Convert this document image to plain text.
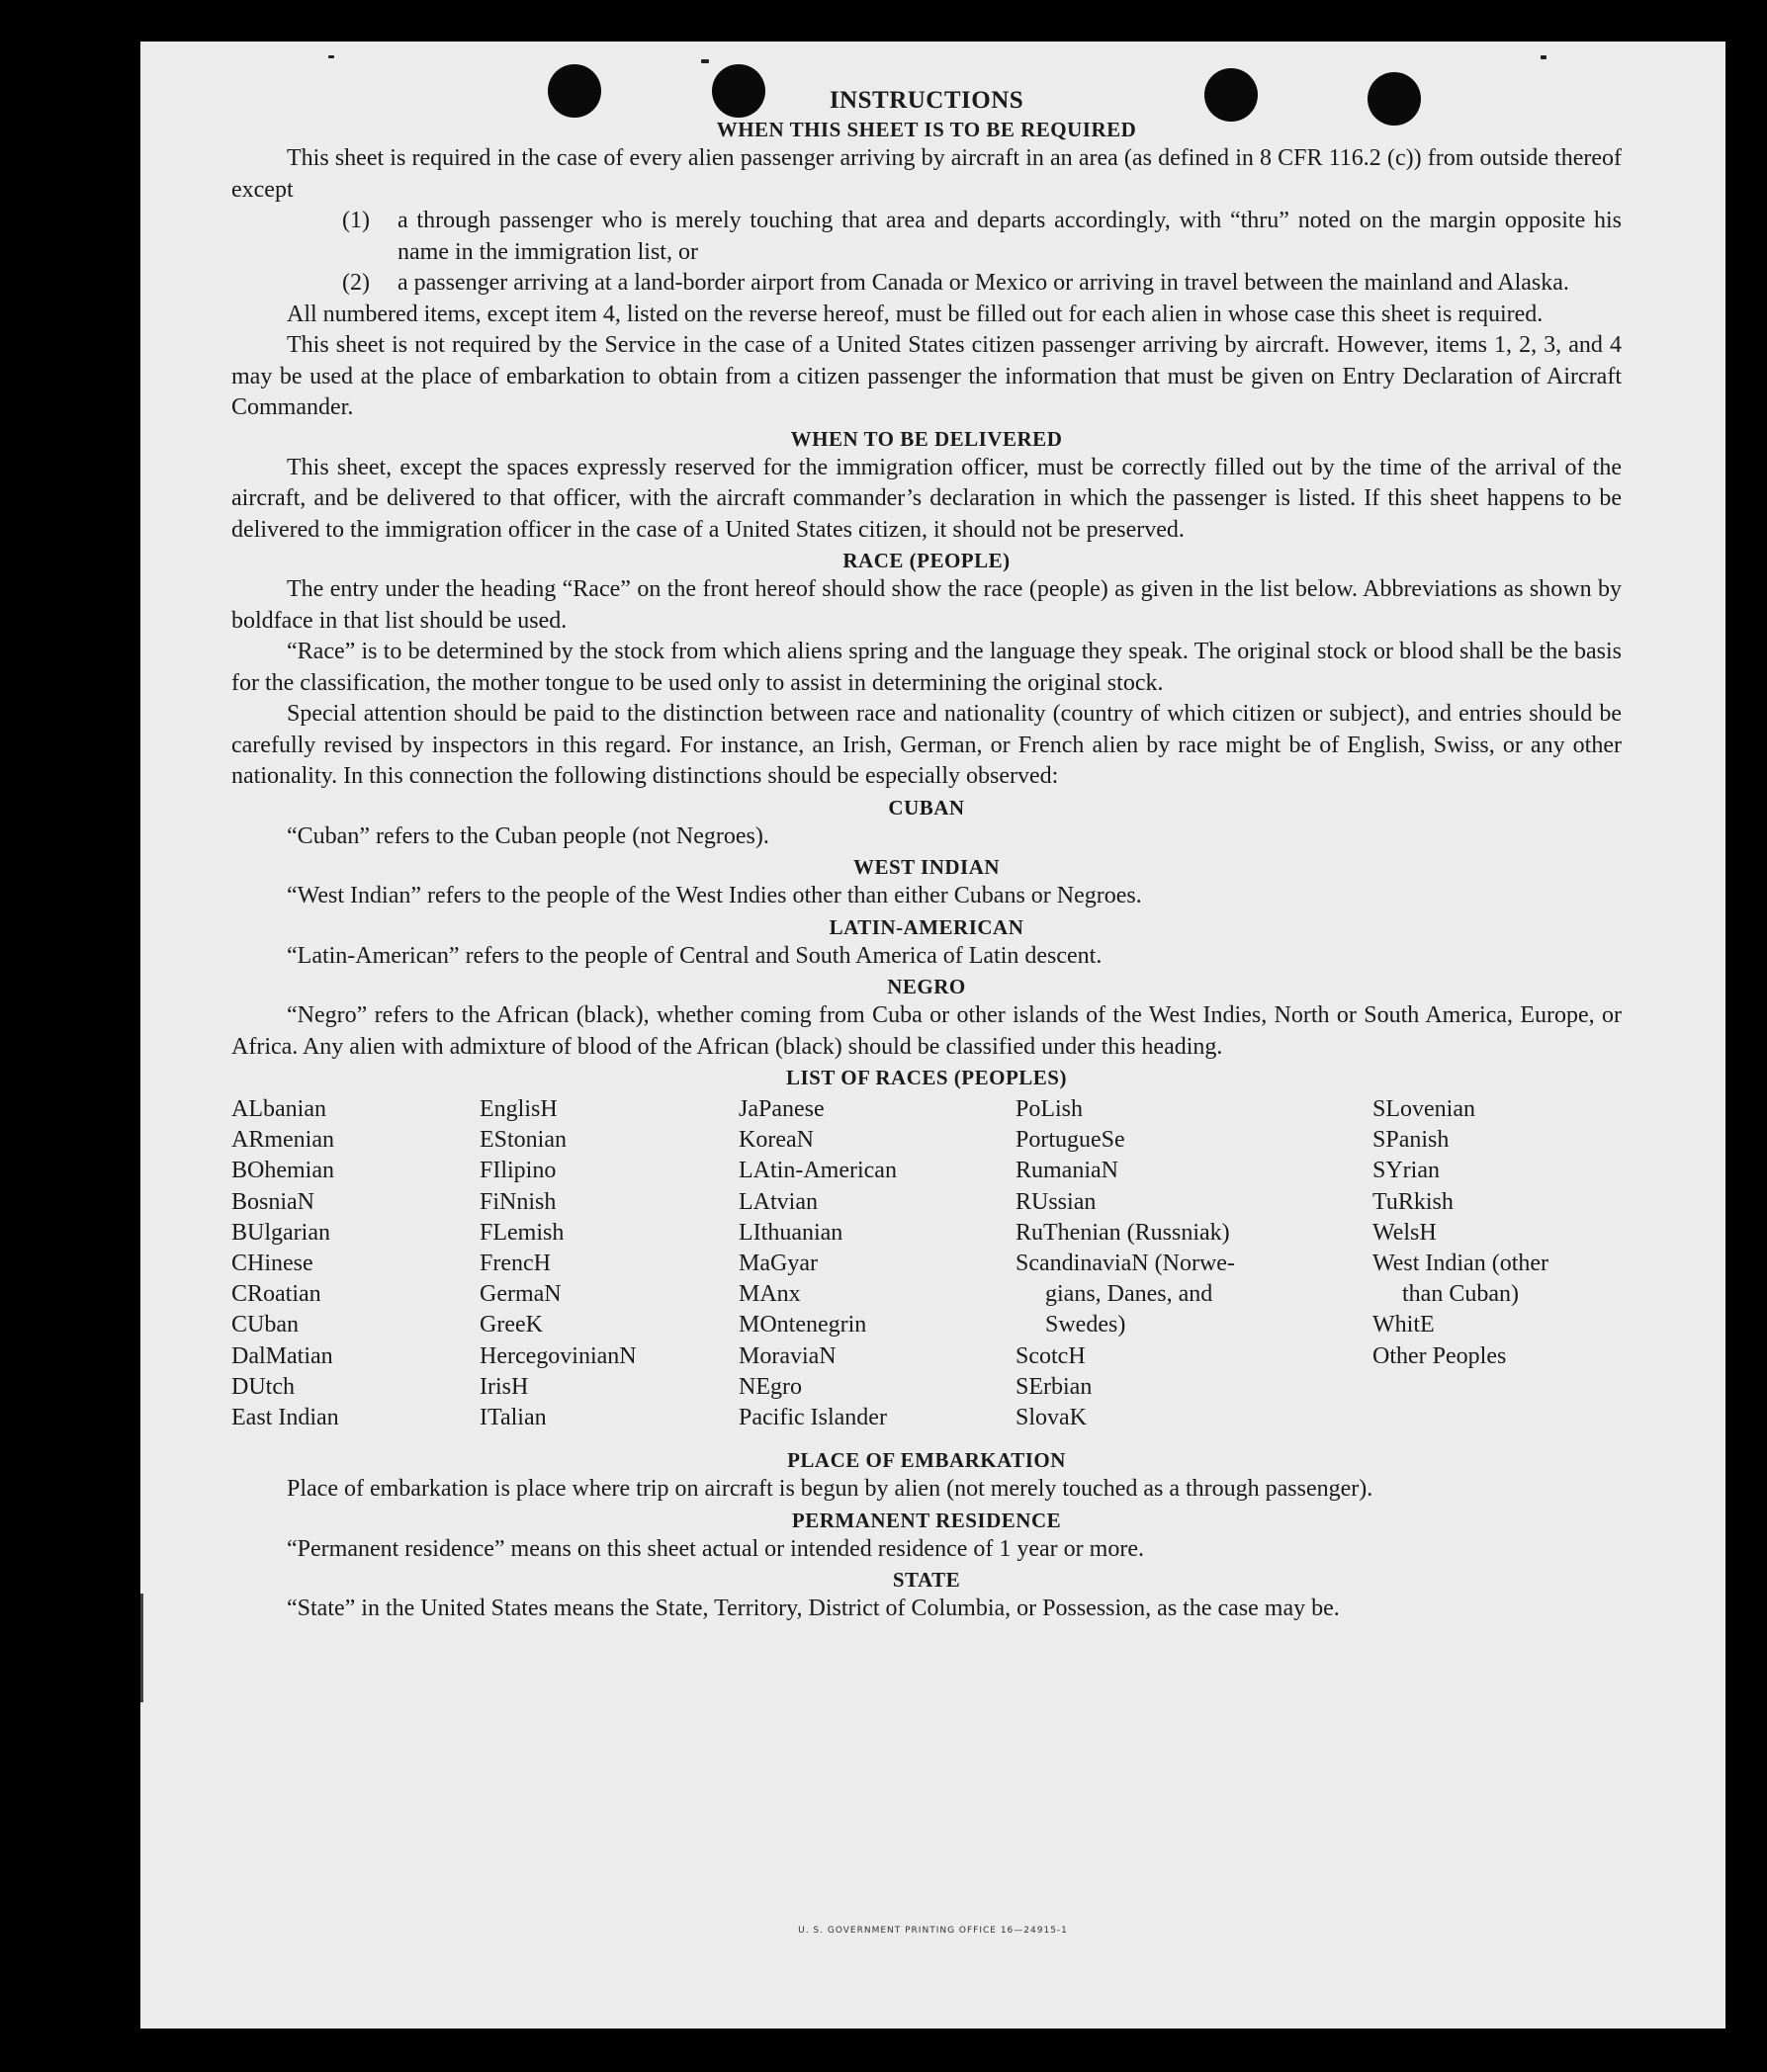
INSTRUCTIONS
WHEN THIS SHEET IS TO BE REQUIRED

This sheet is required in the case of every alien passenger arriving by aircraft in an area (as defined in 8 CFR 116.2 (c)) from outside thereof except

(1)	a through passenger who is merely touching that area and departs accordingly, with “thru” noted on the margin opposite his name in the immigration list, or
(2)	a passenger arriving at a land-border airport from Canada or Mexico or arriving in travel between the mainland and Alaska.

All numbered items, except item 4, listed on the reverse hereof, must be filled out for each alien in whose case this sheet is required.

This sheet is not required by the Service in the case of a United States citizen passenger arriving by aircraft. However, items 1, 2, 3, and 4 may be used at the place of embarkation to obtain from a citizen passenger the information that must be given on Entry Declaration of Aircraft Commander.

WHEN TO BE DELIVERED

This sheet, except the spaces expressly reserved for the immigration officer, must be correctly filled out by the time of the arrival of the aircraft, and be delivered to that officer, with the aircraft commander’s declaration in which the passenger is listed. If this sheet happens to be delivered to the immigration officer in the case of a United States citizen, it should not be preserved.

RACE (PEOPLE)

The entry under the heading “Race” on the front hereof should show the race (people) as given in the list below. Abbreviations as shown by boldface in that list should be used.

“Race” is to be determined by the stock from which aliens spring and the language they speak. The original stock or blood shall be the basis for the classification, the mother tongue to be used only to assist in determining the original stock.

Special attention should be paid to the distinction between race and nationality (country of which citizen or subject), and entries should be carefully revised by inspectors in this regard. For instance, an Irish, German, or French alien by race might be of English, Swiss, or any other nationality. In this connection the following distinctions should be especially observed:

CUBAN

“Cuban” refers to the Cuban people (not Negroes).

WEST INDIAN

“West Indian” refers to the people of the West Indies other than either Cubans or Negroes.

LATIN-AMERICAN

“Latin-American” refers to the people of Central and South America of Latin descent.

NEGRO

“Negro” refers to the African (black), whether coming from Cuba or other islands of the West Indies, North or South America, Europe, or Africa. Any alien with admixture of blood of the African (black) should be classified under this heading.

LIST OF RACES (PEOPLES)
ALbanian
ARmenian
BOhemian
BosniaN
BUlgarian
CHinese
CRoatian
CUban
DalMatian
DUtch
East Indian
EnglisH
EStonian
FIlipino
FiNnish
FLemish
FrencH
GermaN
GreeK
HercegovinianN
IrisH
ITalian
JaPanese
KoreaN
LAtin-American
LAtvian
LIthuanian
MaGyar
MAnx
MOntenegrin
MoraviaN
NEgro
Pacific Islander
PoLish
PortugueSe
RumaniaN
RUssian
RuThenian (Russniak)
ScandinaviaN (Norwe-
gians, Danes, and
Swedes)
ScotcH
SErbian
SlovaK
SLovenian
SPanish
SYrian
TuRkish
WelsH
West Indian (other
than Cuban)
WhitE
Other Peoples
PLACE OF EMBARKATION

Place of embarkation is place where trip on aircraft is begun by alien (not merely touched as a through passenger).

PERMANENT RESIDENCE

“Permanent residence” means on this sheet actual or intended residence of 1 year or more.

STATE

“State” in the United States means the State, Territory, District of Columbia, or Possession, as the case may be.

U. S. GOVERNMENT PRINTING OFFICE 16—24915-1
